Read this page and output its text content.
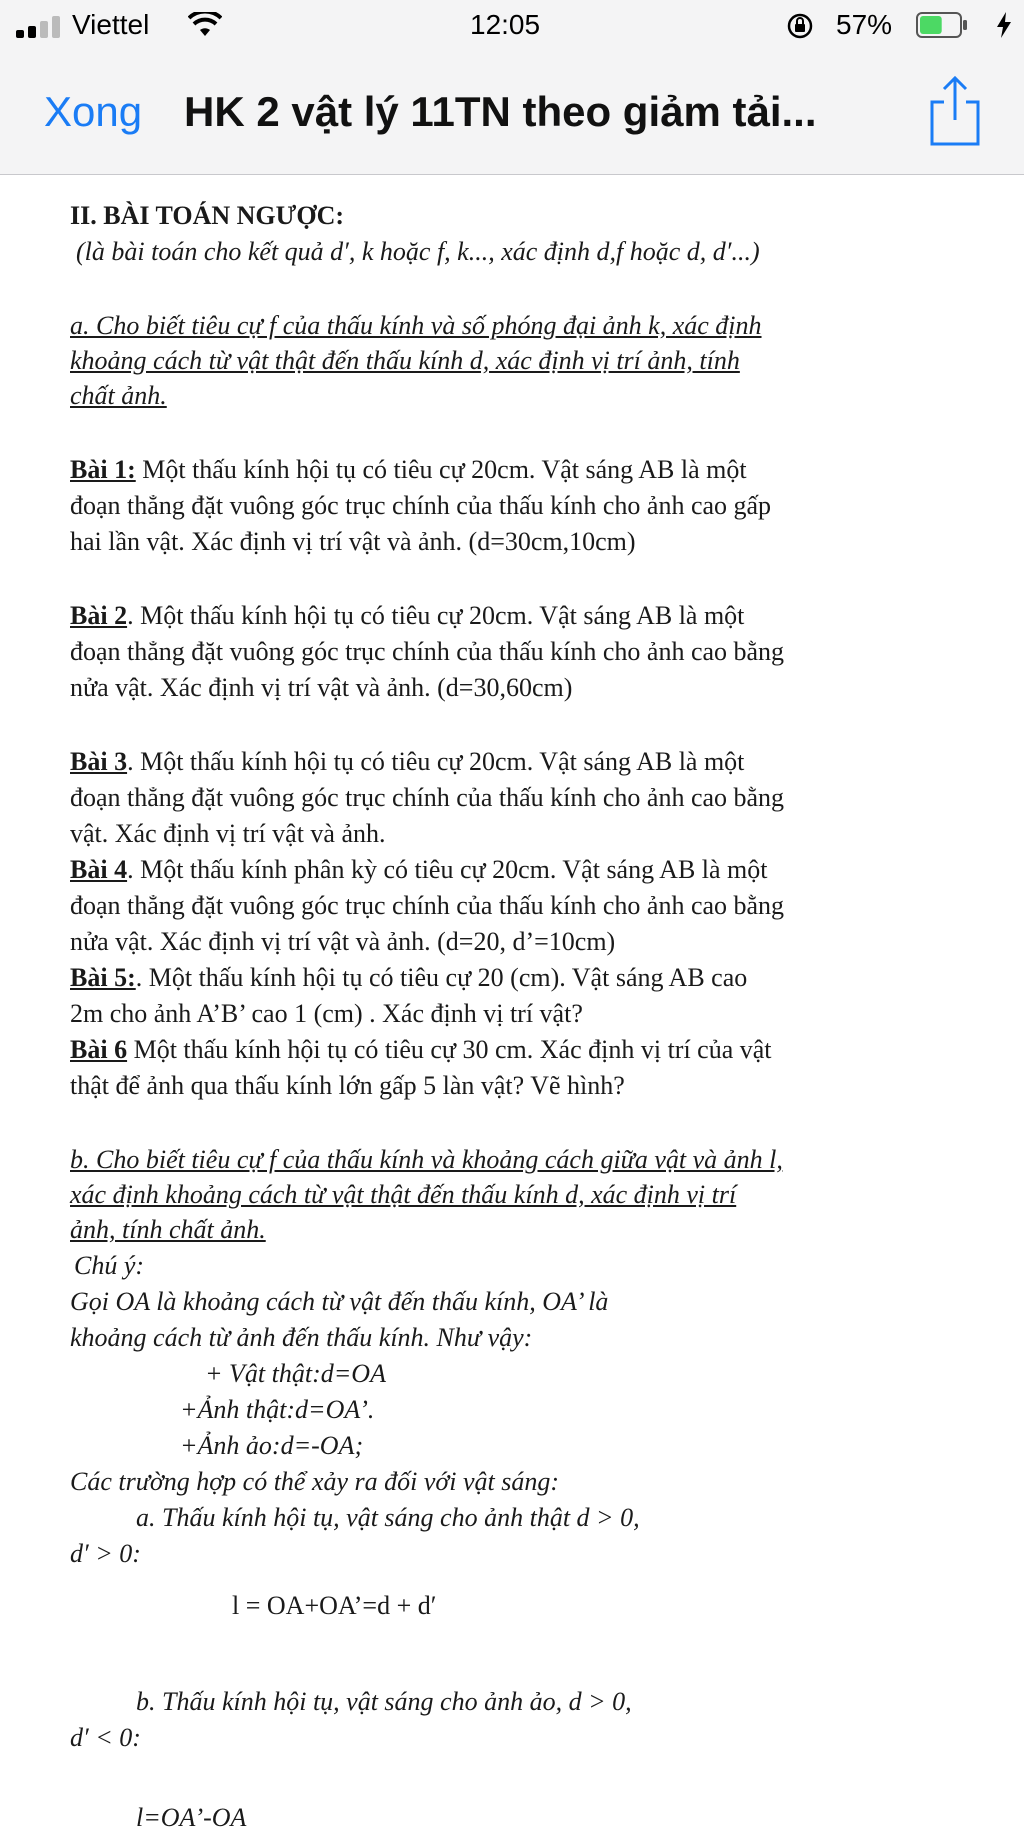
Viettel	12:05	57%
Xong HK 2 vật lý 11TN theo giảm tải...
II. BÀI TOÁN NGƯỢC:
(là bài toán cho kết quả d′, k hoặc f, k..., xác định d,f hoặc d, d′...)
a. Cho biết tiêu cự f của thấu kính và số phóng đại ảnh k, xác định
khoảng cách từ vật thật đến thấu kính d, xác định vị trí ảnh, tính
chất ảnh.
Bài 1: Một thấu kính hội tụ có tiêu cự 20cm. Vật sáng AB là một
đoạn thẳng đặt vuông góc trục chính của thấu kính cho ảnh cao gấp
hai lần vật. Xác định vị trí vật và ảnh. (d=30cm,10cm)
Bài 2. Một thấu kính hội tụ có tiêu cự 20cm. Vật sáng AB là một
đoạn thẳng đặt vuông góc trục chính của thấu kính cho ảnh cao bằng
nửa vật. Xác định vị trí vật và ảnh. (d=30,60cm)
Bài 3. Một thấu kính hội tụ có tiêu cự 20cm. Vật sáng AB là một
đoạn thẳng đặt vuông góc trục chính của thấu kính cho ảnh cao bằng
vật. Xác định vị trí vật và ảnh.
Bài 4. Một thấu kính phân kỳ có tiêu cự 20cm. Vật sáng AB là một
đoạn thẳng đặt vuông góc trục chính của thấu kính cho ảnh cao bằng
nửa vật. Xác định vị trí vật và ảnh. (d=20, d’=10cm)
Bài 5:. Một thấu kính hội tụ có tiêu cự 20 (cm). Vật sáng AB cao
2m cho ảnh A’B’ cao 1 (cm) . Xác định vị trí vật?
Bài 6 Một thấu kính hội tụ có tiêu cự 30 cm. Xác định vị trí của vật
thật để ảnh qua thấu kính lớn gấp 5 làn vật? Vẽ hình?
b. Cho biết tiêu cự f của thấu kính và khoảng cách giữa vật và ảnh l,
xác định khoảng cách từ vật thật đến thấu kính d, xác định vị trí
ảnh, tính chất ảnh.
Chú ý:
Gọi OA là khoảng cách từ vật đến thấu kính, OA’ là
khoảng cách từ ảnh đến thấu kính. Như vậy:
+ Vật thật:d=OA
+Ảnh thật:d=OA’.
+Ảnh ảo:d=-OA;
Các trường hợp có thể xảy ra đối với vật sáng:
a. Thấu kính hội tụ, vật sáng cho ảnh thật d > 0,
d′ > 0:
l = OA+OA’=d + d′
b. Thấu kính hội tụ, vật sáng cho ảnh ảo, d > 0,
d′ < 0:
l=OA’-OA
